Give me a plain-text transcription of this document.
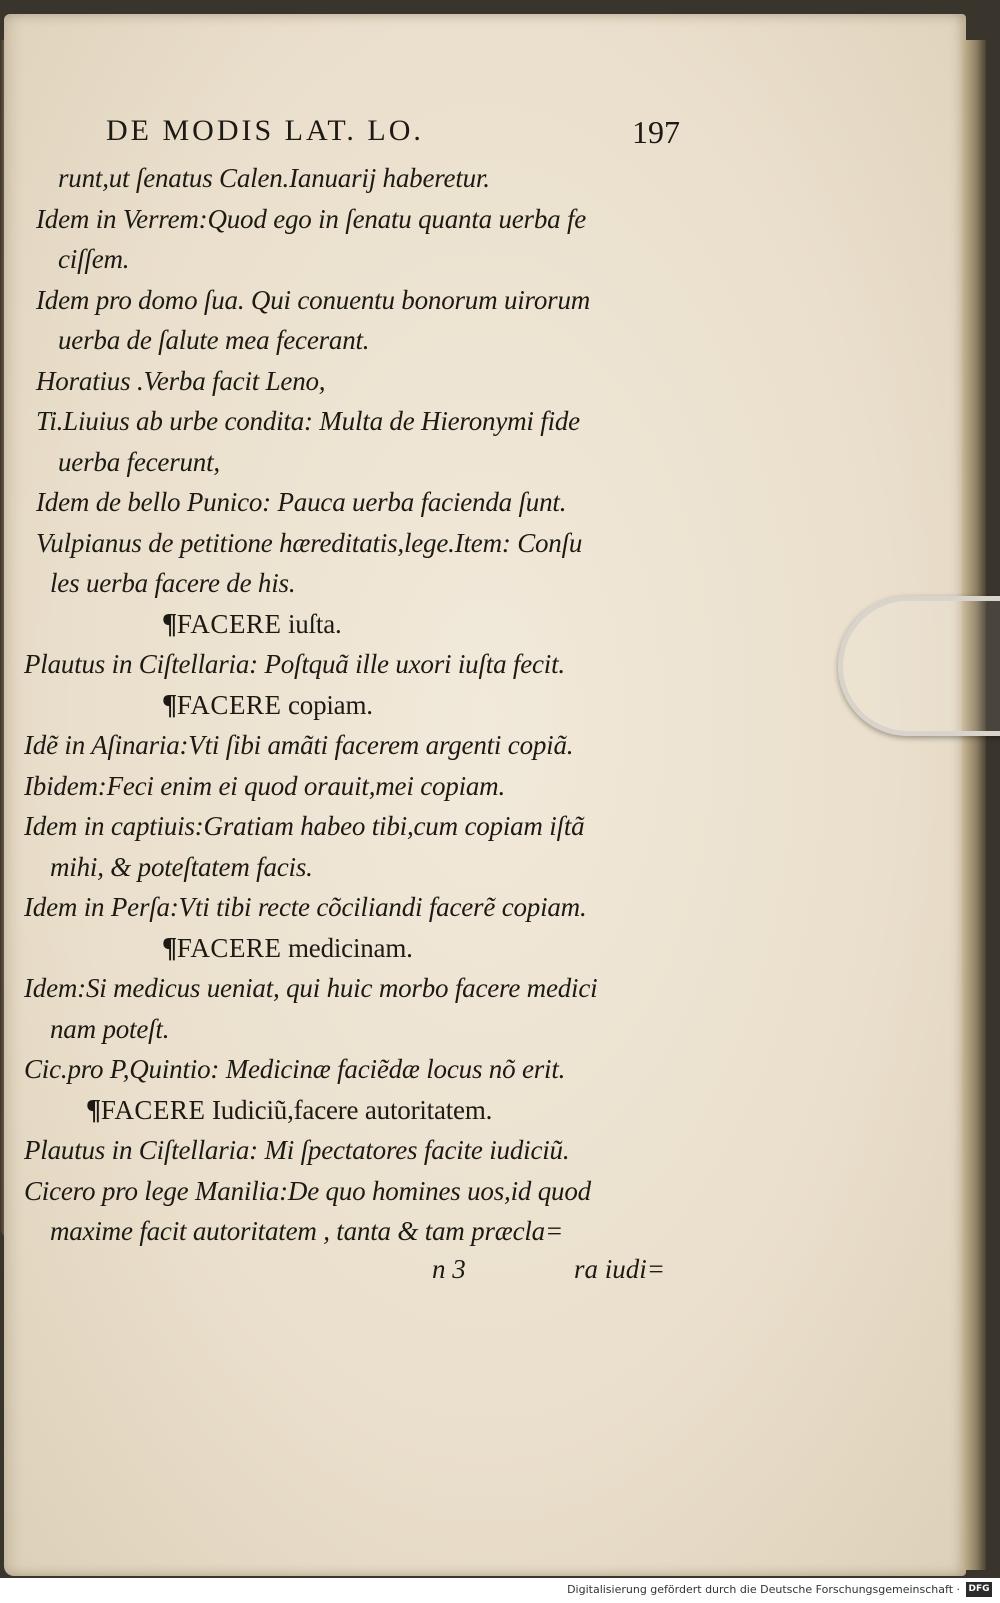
DE MODIS LAT. LO.	197
runt,ut ſenatus Calen.Ianuarij haberetur.
Idem in Verrem:Quod ego in ſenatu quanta uerba fe
ciſſem.
Idem pro domo ſua. Qui conuentu bonorum uirorum
uerba de ſalute mea fecerant.
Horatius .Verba facit Leno,
Ti.Liuius ab urbe condita: Multa de Hieronymi fide
uerba fecerunt,
Idem de bello Punico: Pauca uerba facienda ſunt.
Vulpianus de petitione hæreditatis,lege.Item: Conſu
les uerba facere de his.
¶FACERE iuſta.
Plautus in Ciſtellaria: Poſtquã ille uxori iuſta fecit.
¶FACERE copiam.
Idẽ in Aſinaria:Vti ſibi amãti facerem argenti copiã.
Ibidem:Feci enim ei quod orauit,mei copiam.
Idem in captiuis:Gratiam habeo tibi,cum copiam iſtã
mihi, & poteſtatem facis.
Idem in Perſa:Vti tibi recte cõciliandi facerẽ copiam.
¶FACERE medicinam.
Idem:Si medicus ueniat, qui huic morbo facere medici
nam poteſt.
Cic.pro P,Quintio: Medicinæ faciẽdæ locus nõ erit.
¶FACERE Iudiciũ,facere autoritatem.
Plautus in Ciſtellaria: Mi ſpectatores facite iudiciũ.
Cicero pro lege Manilia:De quo homines uos,id quod
maxime facit autoritatem , tanta & tam præcla=
n 3	ra iudi=
Digitalisierung gefördert durch die Deutsche Forschungsgemeinschaft · DFG
